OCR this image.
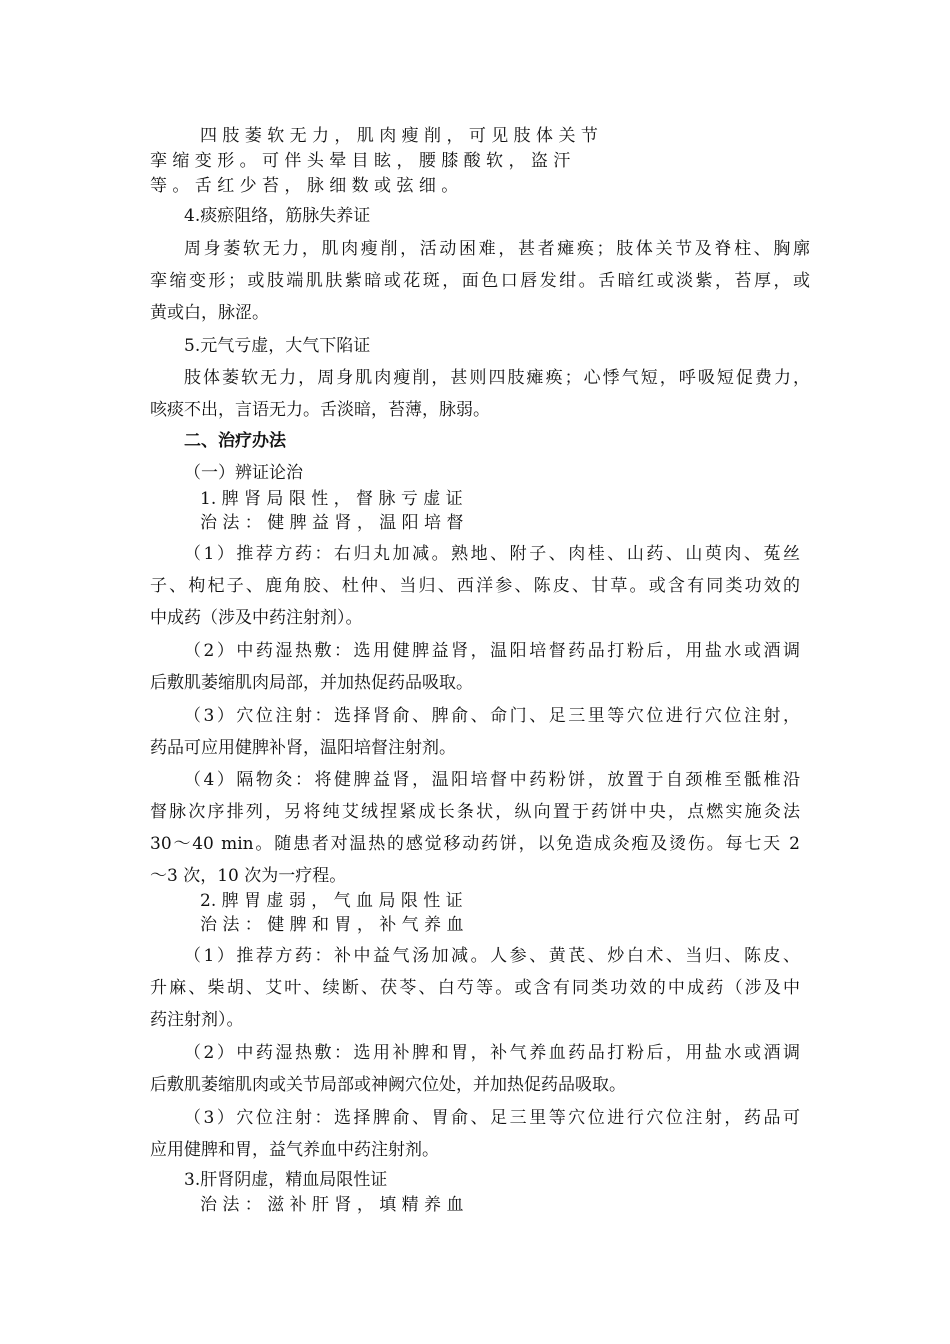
四 肢 萎 软 无 力 ， 肌 肉 瘦 削 ， 可 见 肢 体 关 节
挛 缩 变 形 。 可 伴 头 晕 目 眩 ， 腰 膝 酸 软 ， 盗 汗
等 。 舌 红 少 苔 ， 脉 细 数 或 弦 细 。
4.痰瘀阻络，筋脉失养证
周身萎软无力，肌肉瘦削，活动困难，甚者瘫痪；肢体关节及脊柱、胸廓
挛缩变形；或肢端肌肤紫暗或花斑，面色口唇发绀。舌暗红或淡紫，苔厚，或
黄或白，脉涩。
5.元气亏虚，大气下陷证
肢体萎软无力，周身肌肉瘦削，甚则四肢瘫痪；心悸气短，呼吸短促费力，
咳痰不出，言语无力。舌淡暗，苔薄，脉弱。
二、治疗办法
（一）辨证论治
1. 脾 肾 局 限 性 ， 督 脉 亏 虚 证
治 法 ： 健 脾 益 肾 ， 温 阳 培 督
（1）推荐方药：右归丸加减。熟地、附子、肉桂、山药、山萸肉、菟丝
子、枸杞子、鹿角胶、杜仲、当归、西洋参、陈皮、甘草。或含有同类功效的
中成药（涉及中药注射剂）。
（2）中药湿热敷：选用健脾益肾，温阳培督药品打粉后，用盐水或酒调
后敷肌萎缩肌肉局部，并加热促药品吸取。
（3）穴位注射：选择肾俞、脾俞、命门、足三里等穴位进行穴位注射，
药品可应用健脾补肾，温阳培督注射剂。
（4）隔物灸：将健脾益肾，温阳培督中药粉饼，放置于自颈椎至骶椎沿
督脉次序排列，另将纯艾绒捏紧成长条状，纵向置于药饼中央，点燃实施灸法
30～40 min。随患者对温热的感觉移动药饼，以免造成灸疱及烫伤。每七天 2
～3 次，10 次为一疗程。
2. 脾 胃 虚 弱 ， 气 血 局 限 性 证
治 法 ： 健 脾 和 胃 ， 补 气 养 血
（1）推荐方药：补中益气汤加减。人参、黄芪、炒白术、当归、陈皮、
升麻、柴胡、艾叶、续断、茯苓、白芍等。或含有同类功效的中成药（涉及中
药注射剂）。
（2）中药湿热敷：选用补脾和胃，补气养血药品打粉后，用盐水或酒调
后敷肌萎缩肌肉或关节局部或神阙穴位处，并加热促药品吸取。
（3）穴位注射：选择脾俞、胃俞、足三里等穴位进行穴位注射，药品可
应用健脾和胃，益气养血中药注射剂。
3.肝肾阴虚，精血局限性证
治 法 ： 滋 补 肝 肾 ， 填 精 养 血
